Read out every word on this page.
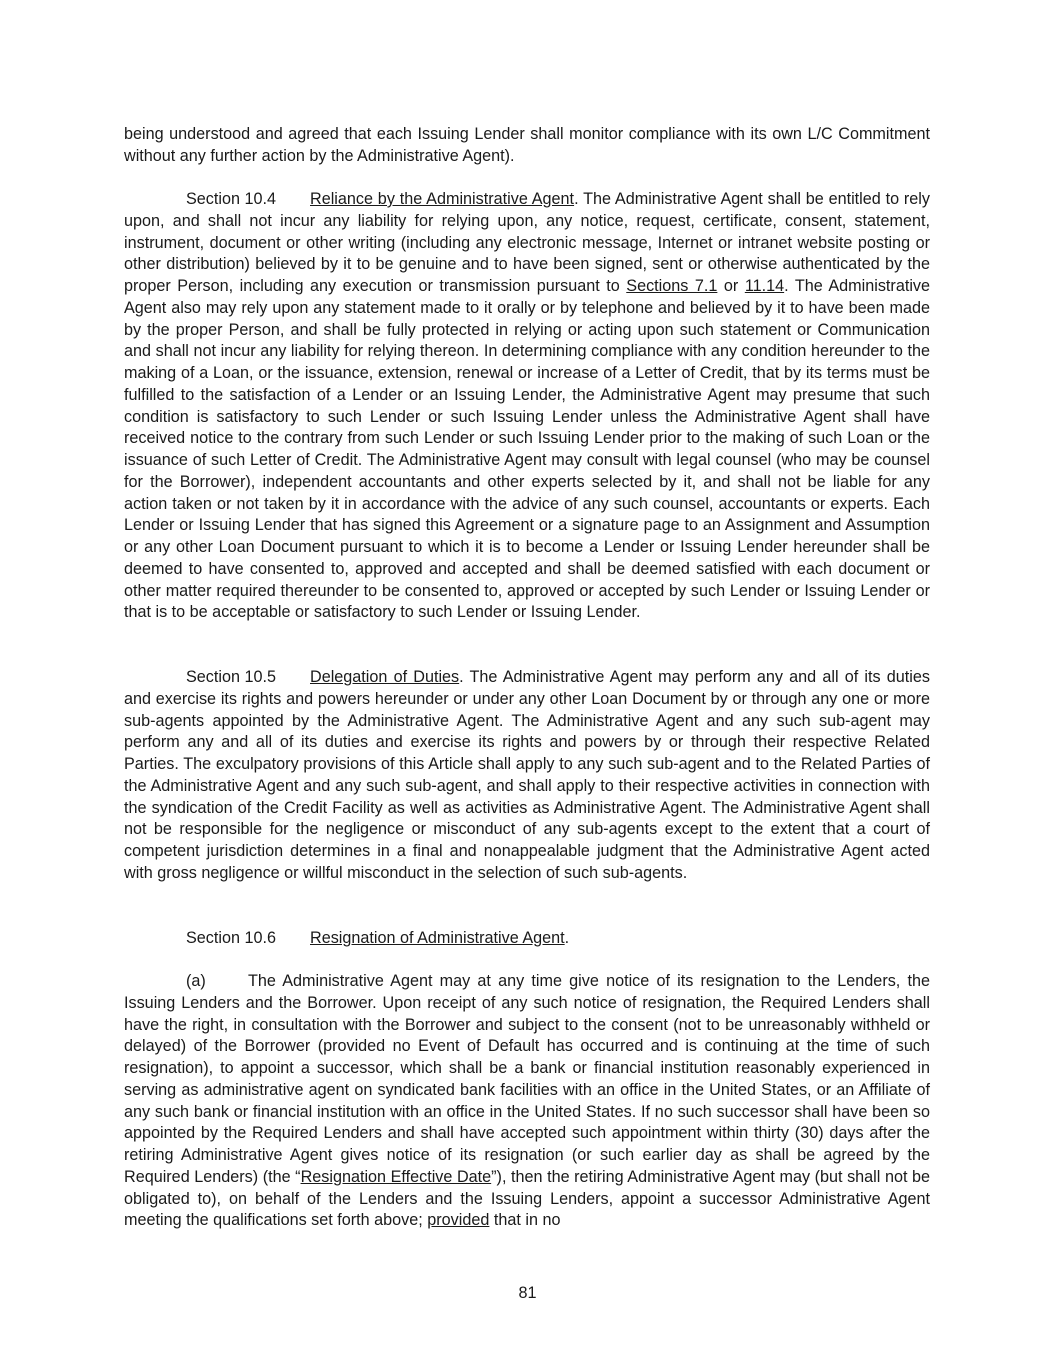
being understood and agreed that each Issuing Lender shall monitor compliance with its own L/C Commitment without any further action by the Administrative Agent).

Section 10.4 Reliance by the Administrative Agent. The Administrative Agent shall be entitled to rely upon, and shall not incur any liability for relying upon, any notice, request, certificate, consent, statement, instrument, document or other writing (including any electronic message, Internet or intranet website posting or other distribution) believed by it to be genuine and to have been signed, sent or otherwise authenticated by the proper Person, including any execution or transmission pursuant to Sections 7.1 or 11.14. The Administrative Agent also may rely upon any statement made to it orally or by telephone and believed by it to have been made by the proper Person, and shall be fully protected in relying or acting upon such statement or Communication and shall not incur any liability for relying thereon. In determining compliance with any condition hereunder to the making of a Loan, or the issuance, extension, renewal or increase of a Letter of Credit, that by its terms must be fulfilled to the satisfaction of a Lender or an Issuing Lender, the Administrative Agent may presume that such condition is satisfactory to such Lender or such Issuing Lender unless the Administrative Agent shall have received notice to the contrary from such Lender or such Issuing Lender prior to the making of such Loan or the issuance of such Letter of Credit. The Administrative Agent may consult with legal counsel (who may be counsel for the Borrower), independent accountants and other experts selected by it, and shall not be liable for any action taken or not taken by it in accordance with the advice of any such counsel, accountants or experts. Each Lender or Issuing Lender that has signed this Agreement or a signature page to an Assignment and Assumption or any other Loan Document pursuant to which it is to become a Lender or Issuing Lender hereunder shall be deemed to have consented to, approved and accepted and shall be deemed satisfied with each document or other matter required thereunder to be consented to, approved or accepted by such Lender or Issuing Lender or that is to be acceptable or satisfactory to such Lender or Issuing Lender.

Section 10.5 Delegation of Duties. The Administrative Agent may perform any and all of its duties and exercise its rights and powers hereunder or under any other Loan Document by or through any one or more sub-agents appointed by the Administrative Agent. The Administrative Agent and any such sub-agent may perform any and all of its duties and exercise its rights and powers by or through their respective Related Parties. The exculpatory provisions of this Article shall apply to any such sub-agent and to the Related Parties of the Administrative Agent and any such sub-agent, and shall apply to their respective activities in connection with the syndication of the Credit Facility as well as activities as Administrative Agent. The Administrative Agent shall not be responsible for the negligence or misconduct of any sub-agents except to the extent that a court of competent jurisdiction determines in a final and nonappealable judgment that the Administrative Agent acted with gross negligence or willful misconduct in the selection of such sub-agents.

Section 10.6 Resignation of Administrative Agent.

(a)	The Administrative Agent may at any time give notice of its resignation to the Lenders, the Issuing Lenders and the Borrower. Upon receipt of any such notice of resignation, the Required Lenders shall have the right, in consultation with the Borrower and subject to the consent (not to be unreasonably withheld or delayed) of the Borrower (provided no Event of Default has occurred and is continuing at the time of such resignation), to appoint a successor, which shall be a bank or financial institution reasonably experienced in serving as administrative agent on syndicated bank facilities with an office in the United States, or an Affiliate of any such bank or financial institution with an office in the United States. If no such successor shall have been so appointed by the Required Lenders and shall have accepted such appointment within thirty (30) days after the retiring Administrative Agent gives notice of its resignation (or such earlier day as shall be agreed by the Required Lenders) (the “Resignation Effective Date”), then the retiring Administrative Agent may (but shall not be obligated to), on behalf of the Lenders and the Issuing Lenders, appoint a successor Administrative Agent meeting the qualifications set forth above; provided that in no

81
